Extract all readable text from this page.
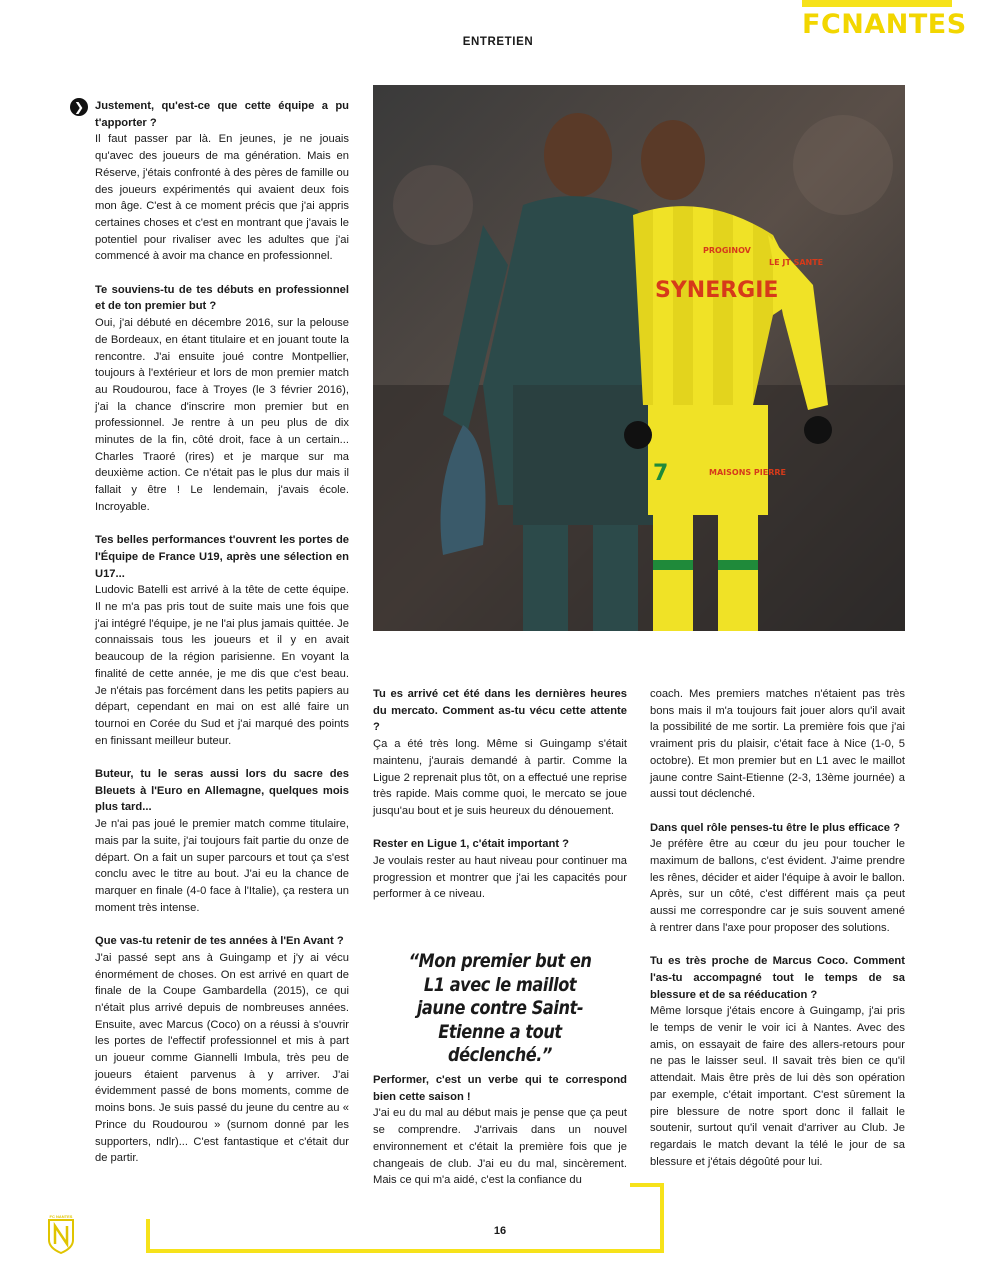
FCNANTES
ENTRETIEN
❯ Justement, qu'est-ce que cette équipe a pu t'apporter ?

Il faut passer par là. En jeunes, je ne jouais qu'avec des joueurs de ma génération. Mais en Réserve, j'étais confronté à des pères de famille ou des joueurs expérimentés qui avaient deux fois mon âge. C'est à ce moment précis que j'ai appris certaines choses et c'est en montrant que j'avais le potentiel pour rivaliser avec les adultes que j'ai commencé à avoir ma chance en professionnel.

Te souviens-tu de tes débuts en professionnel et de ton premier but ?

Oui, j'ai débuté en décembre 2016, sur la pelouse de Bordeaux, en étant titulaire et en jouant toute la rencontre. J'ai ensuite joué contre Montpellier, toujours à l'extérieur et lors de mon premier match au Roudourou, face à Troyes (le 3 février 2016), j'ai la chance d'inscrire mon premier but en professionnel. Je rentre à un peu plus de dix minutes de la fin, côté droit, face à un certain... Charles Traoré (rires) et je marque sur ma deuxième action. Ce n'était pas le plus dur mais il fallait y être ! Le lendemain, j'avais école. Incroyable.

Tes belles performances t'ouvrent les portes de l'Équipe de France U19, après une sélection en U17...

Ludovic Batelli est arrivé à la tête de cette équipe. Il ne m'a pas pris tout de suite mais une fois que j'ai intégré l'équipe, je ne l'ai plus jamais quittée. Je connaissais tous les joueurs et il y en avait beaucoup de la région parisienne. En voyant la finalité de cette année, je me dis que c'est beau. Je n'étais pas forcément dans les petits papiers au départ, cependant en mai on est allé faire un tournoi en Corée du Sud et j'ai marqué des points en finissant meilleur buteur.

Buteur, tu le seras aussi lors du sacre des Bleuets à l'Euro en Allemagne, quelques mois plus tard...

Je n'ai pas joué le premier match comme titulaire, mais par la suite, j'ai toujours fait partie du onze de départ. On a fait un super parcours et tout ça s'est conclu avec le titre au bout. J'ai eu la chance de marquer en finale (4-0 face à l'Italie), ça restera un moment très intense.

Que vas-tu retenir de tes années à l'En Avant ?

J'ai passé sept ans à Guingamp et j'y ai vécu énormément de choses. On est arrivé en quart de finale de la Coupe Gambardella (2015), ce qui n'était plus arrivé depuis de nombreuses années. Ensuite, avec Marcus (Coco) on a réussi à s'ouvrir les portes de l'effectif professionnel et mis à part un joueur comme Giannelli Imbula, très peu de joueurs étaient parvenus à y arriver. J'ai évidemment passé de bons moments, comme de moins bons. Je suis passé du jeune du centre au « Prince du Roudourou » (surnom donné par les supporters, ndlr)... C'est fantastique et c'était dur de partir.

SYNERGIE
PROGINOV
LE JT SANTE
MAISONS PIERRE
7

Tu es arrivé cet été dans les dernières heures du mercato. Comment as-tu vécu cette attente ?

Ça a été très long. Même si Guingamp s'était maintenu, j'aurais demandé à partir. Comme la Ligue 2 reprenait plus tôt, on a effectué une reprise très rapide. Mais comme quoi, le mercato se joue jusqu'au bout et je suis heureux du dénouement.

Rester en Ligue 1, c'était important ?

Je voulais rester au haut niveau pour continuer ma progression et montrer que j'ai les capacités pour performer à ce niveau.

“Mon premier but en L1 avec le maillot jaune contre Saint-Etienne a tout déclenché.”

Performer, c'est un verbe qui te correspond bien cette saison !

J'ai eu du mal au début mais je pense que ça peut se comprendre. J'arrivais dans un nouvel environnement et c'était la première fois que je changeais de club. J'ai eu du mal, sincèrement. Mais ce qui m'a aidé, c'est la confiance du

coach. Mes premiers matches n'étaient pas très bons mais il m'a toujours fait jouer alors qu'il avait la possibilité de me sortir. La première fois que j'ai vraiment pris du plaisir, c'était face à Nice (1-0, 5 octobre). Et mon premier but en L1 avec le maillot jaune contre Saint-Etienne (2-3, 13ème journée) a aussi tout déclenché.

Dans quel rôle penses-tu être le plus efficace ?

Je préfère être au cœur du jeu pour toucher le maximum de ballons, c'est évident. J'aime prendre les rênes, décider et aider l'équipe à avoir le ballon. Après, sur un côté, c'est différent mais ça peut aussi me correspondre car je suis souvent amené à rentrer dans l'axe pour proposer des solutions.

Tu es très proche de Marcus Coco. Comment l'as-tu accompagné tout le temps de sa blessure et de sa rééducation ?

Même lorsque j'étais encore à Guingamp, j'ai pris le temps de venir le voir ici à Nantes. Avec des amis, on essayait de faire des allers-retours pour ne pas le laisser seul. Il savait très bien ce qu'il attendait. Mais être près de lui dès son opération par exemple, c'était important. C'est sûrement la pire blessure de notre sport donc il fallait le soutenir, surtout qu'il venait d'arriver au Club. Je regardais le match devant la télé le jour de sa blessure et j'étais dégoûté pour lui.

16
FC NANTES
